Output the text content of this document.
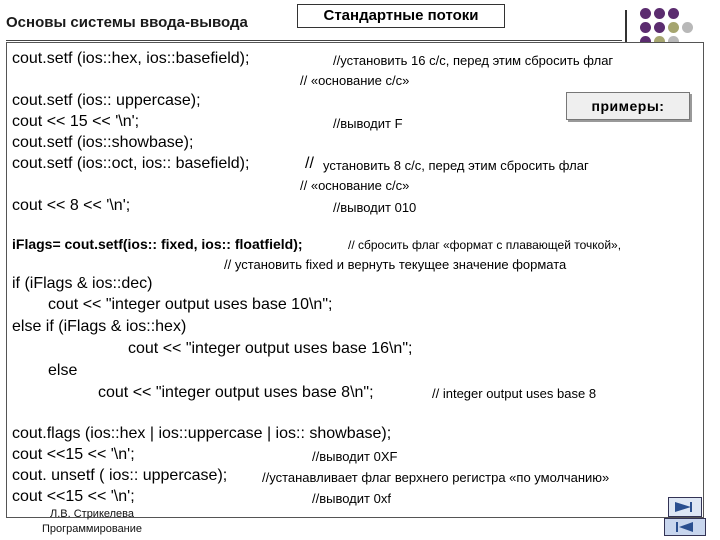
Основы системы ввода-вывода	Стандартные потоки
примеры:
cout.setf (ios::hex, ios::basefield);	//установить 16 с/с, перед этим сбросить флаг
// «основание с/с»
cout.setf (ios:: uppercase);
cout << 15 << '\n';	//выводит F
cout.setf (ios::showbase);
cout.setf (ios::oct, ios:: basefield);	// установить 8 с/с, перед этим сбросить флаг
// «основание с/с»
cout << 8 << '\n';	//выводит 010
iFlags= cout.setf(ios:: fixed, ios:: floatfield);	// сбросить флаг «формат с плавающей точкой»,
// установить fixed и вернуть текущее значение формата
if (iFlags & ios::dec)
cout << "integer output uses base 10\n";
else if (iFlags & ios::hex)
cout << "integer output uses base 16\n";
else
cout << "integer output uses base 8\n";	// integer output uses base 8
cout.flags (ios::hex | ios::uppercase | ios:: showbase);
cout <<15 << '\n';	//выводит 0XF
cout. unsetf ( ios:: uppercase);	//устанавливает флаг верхнего регистра «по умолчанию»
cout <<15 << '\n';	//выводит 0xf
Л.В. Стрикелева
Программирование
